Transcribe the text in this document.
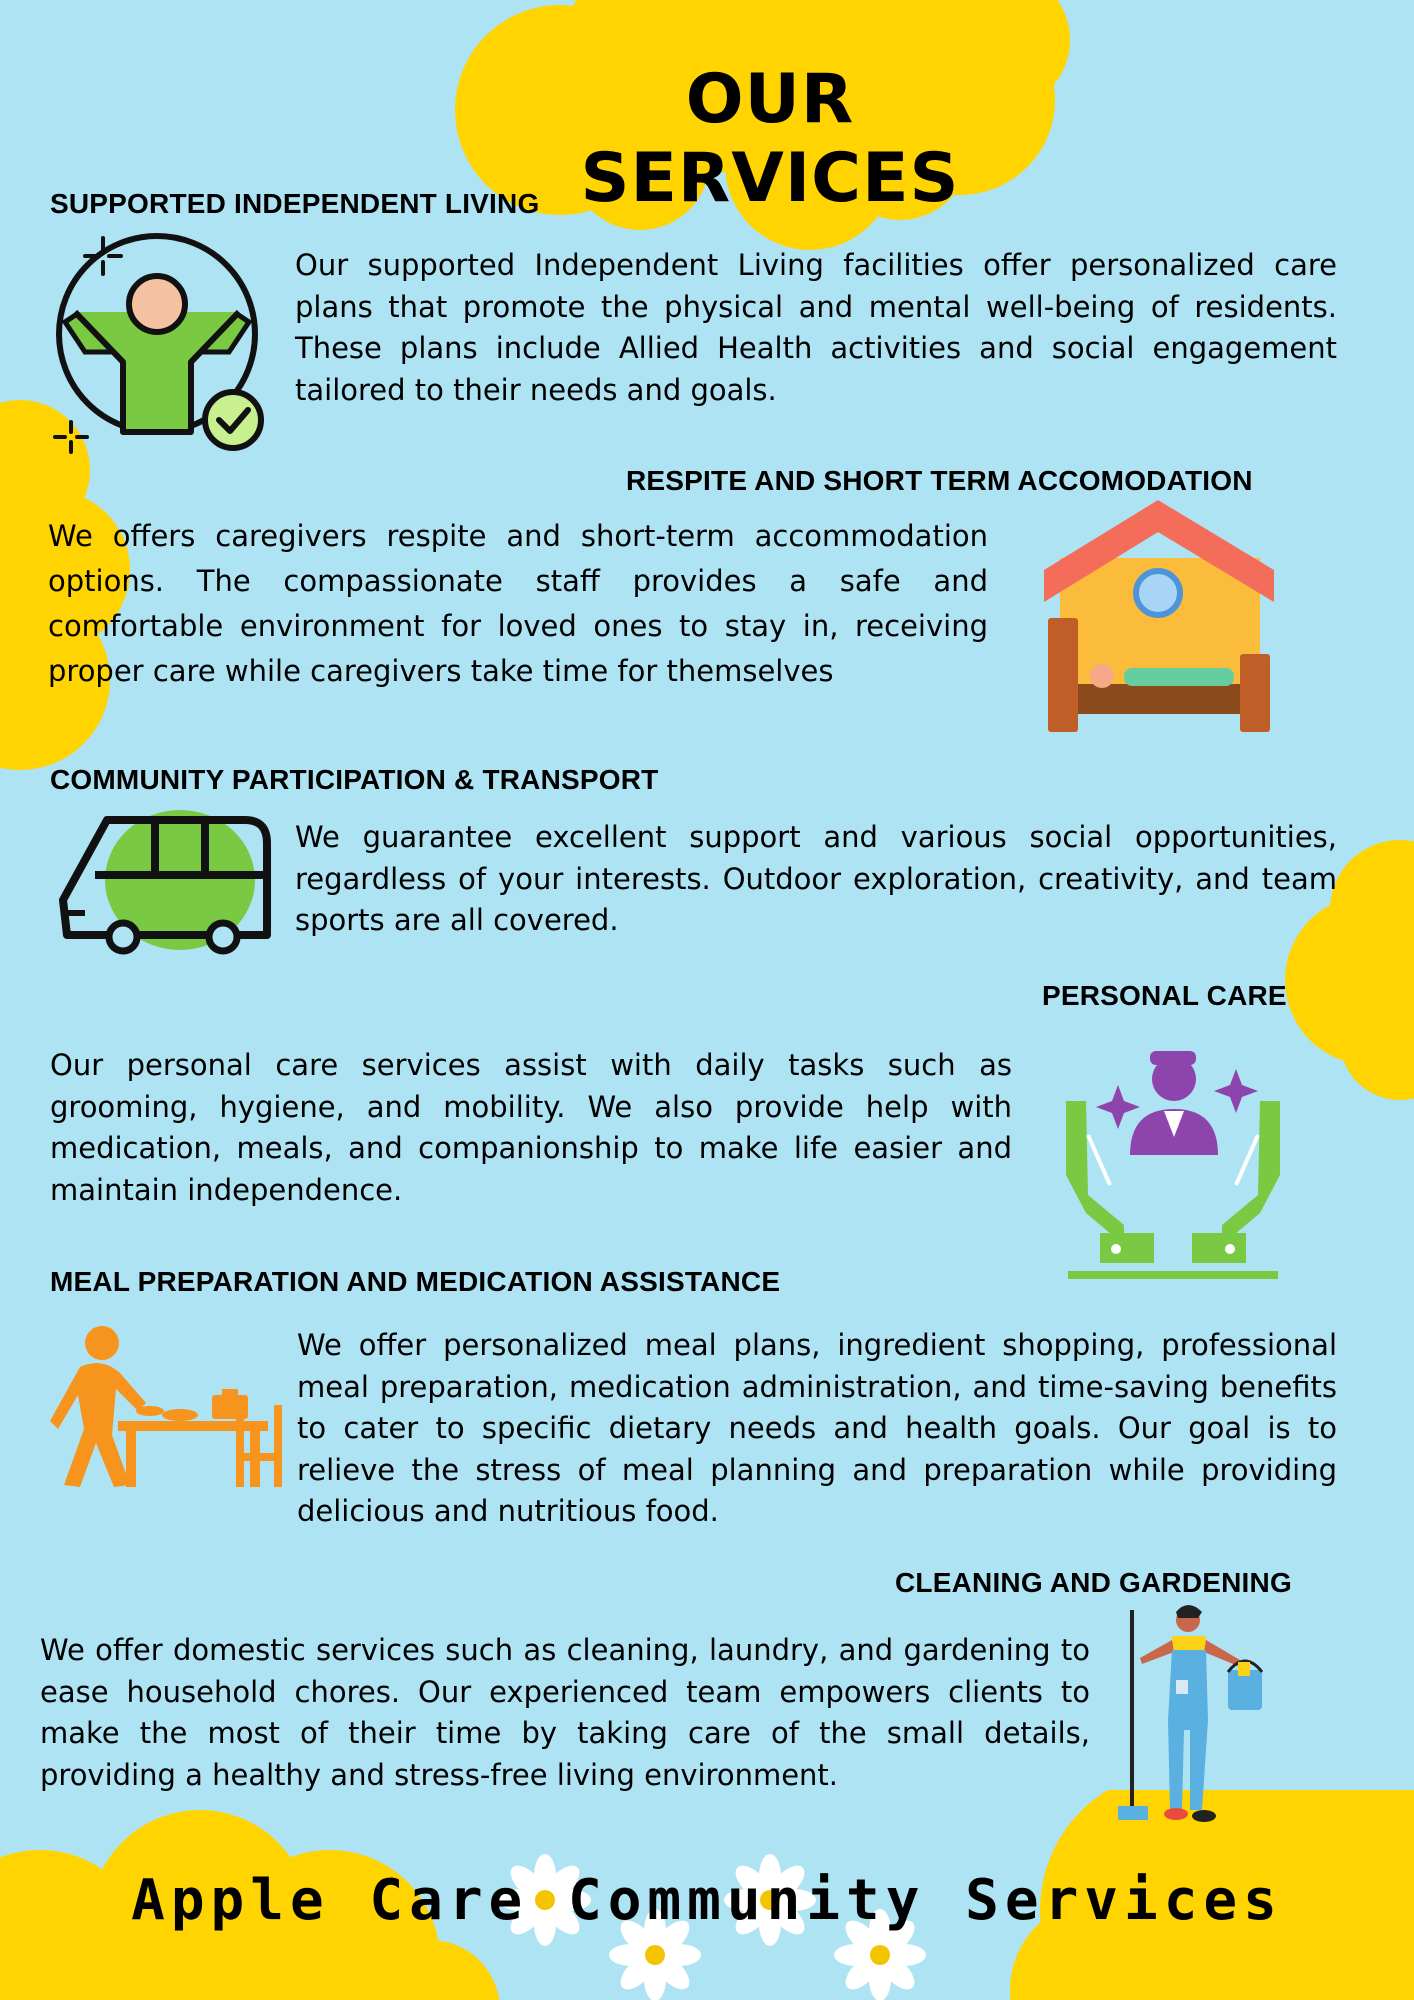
OUR SERVICES
SUPPORTED INDEPENDENT LIVING

Our supported Independent Living facilities offer personalized care plans that promote the physical and mental well-being of residents. These plans include Allied Health activities and social engagement tailored to their needs and goals.

RESPITE AND SHORT TERM ACCOMODATION

We offers caregivers respite and short-term accommodation options. The compassionate staff provides a safe and comfortable environment for loved ones to stay in, receiving proper care while caregivers take time for themselves

COMMUNITY PARTICIPATION & TRANSPORT

We guarantee excellent support and various social opportunities, regardless of your interests. Outdoor exploration, creativity, and team sports are all covered.

PERSONAL CARE

Our personal care services assist with daily tasks such as grooming, hygiene, and mobility. We also provide help with medication, meals, and companionship to make life easier and maintain independence.

MEAL PREPARATION AND MEDICATION ASSISTANCE

We offer personalized meal plans, ingredient shopping, professional meal preparation, medication administration, and time-saving benefits to cater to specific dietary needs and health goals. Our goal is to relieve the stress of meal planning and preparation while providing delicious and nutritious food.

CLEANING AND GARDENING

We offer domestic services such as cleaning, laundry, and gardening to ease household chores. Our experienced team empowers clients to make the most of their time by taking care of the small details, providing a healthy and stress-free living environment.

Apple Care Community Services
